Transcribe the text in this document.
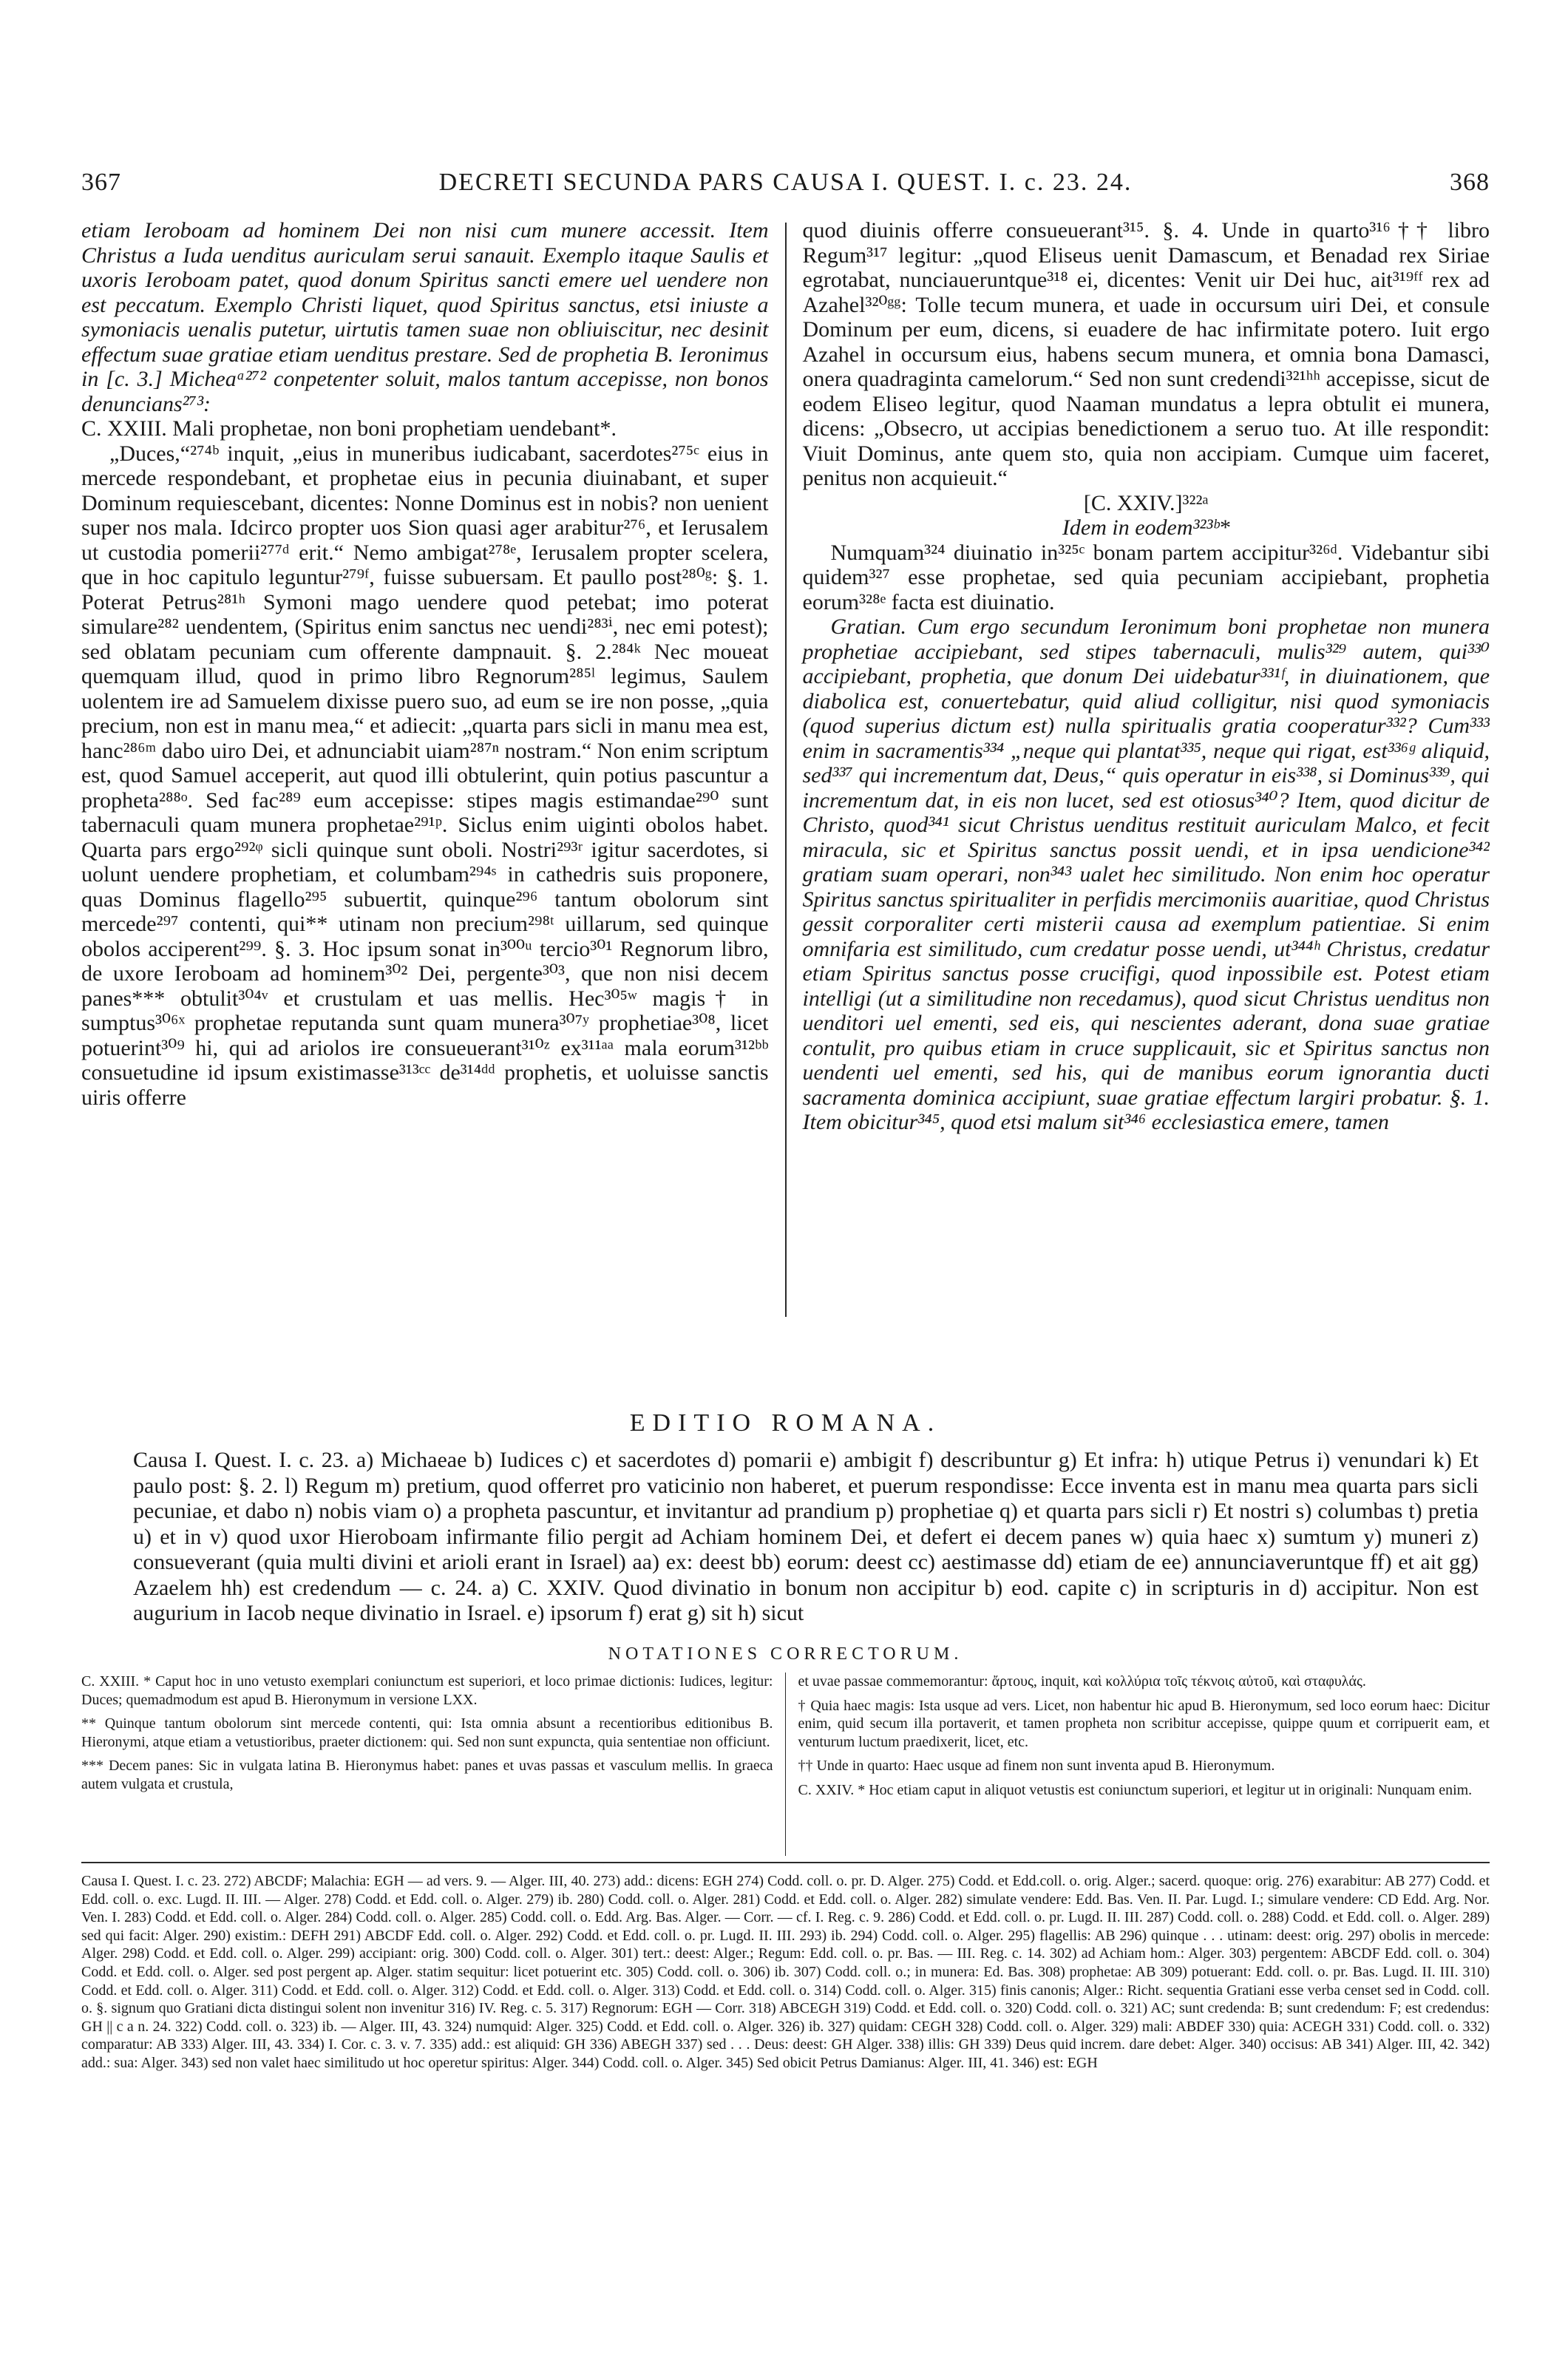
367	DECRETI SECUNDA PARS CAUSA I. QUEST. I. c. 23. 24.	368

etiam Ieroboam ad hominem Dei non nisi cum munere accessit. Item Christus a Iuda uenditus auriculam serui sanauit. Exemplo itaque Saulis et uxoris Ieroboam patet, quod donum Spiritus sancti emere uel uendere non est peccatum. Exemplo Christi liquet, quod Spiritus sanctus, etsi iniuste a symoniacis uenalis putetur, uirtutis tamen suae non obliuiscitur, nec desinit effectum suae gratiae etiam uenditus prestare. Sed de prophetia B. Ieronimus in [c. 3.] Micheaᵃ²⁷² conpetenter soluit, malos tantum accepisse, non bonos denuncians²⁷³:

C. XXIII. Mali prophetae, non boni prophetiam uendebant*.

„Duces,“²⁷⁴ᵇ inquit, „eius in muneribus iudicabant, sacerdotes²⁷⁵ᶜ eius in mercede respondebant, et prophetae eius in pecunia diuinabant, et super Dominum requiescebant, dicentes: Nonne Dominus est in nobis? non uenient super nos mala. Idcirco propter uos Sion quasi ager arabitur²⁷⁶, et Ierusalem ut custodia pomerii²⁷⁷ᵈ erit.“ Nemo ambigat²⁷⁸ᵉ, Ierusalem propter scelera, que in hoc capitulo leguntur²⁷⁹ᶠ, fuisse subuersam. Et paullo post²⁸⁰ᵍ: §. 1. Poterat Petrus²⁸¹ʰ Symoni mago uendere quod petebat; imo poterat simulare²⁸² uendentem, (Spiritus enim sanctus nec uendi²⁸³ⁱ, nec emi potest); sed oblatam pecuniam cum offerente dampnauit. §. 2.²⁸⁴ᵏ Nec moueat quemquam illud, quod in primo libro Regnorum²⁸⁵ˡ legimus, Saulem uolentem ire ad Samuelem dixisse puero suo, ad eum se ire non posse, „quia precium, non est in manu mea,“ et adiecit: „quarta pars sicli in manu mea est, hanc²⁸⁶ᵐ dabo uiro Dei, et adnunciabit uiam²⁸⁷ⁿ nostram.“ Non enim scriptum est, quod Samuel acceperit, aut quod illi obtulerint, quin potius pascuntur a propheta²⁸⁸ᵒ. Sed fac²⁸⁹ eum accepisse: stipes magis estimandae²⁹⁰ sunt tabernaculi quam munera prophetae²⁹¹ᵖ. Siclus enim uiginti obolos habet. Quarta pars ergo²⁹²ᵠ sicli quinque sunt oboli. Nostri²⁹³ʳ igitur sacerdotes, si uolunt uendere prophetiam, et columbam²⁹⁴ˢ in cathedris suis proponere, quas Dominus flagello²⁹⁵ subuertit, quinque²⁹⁶ tantum obolorum sint mercede²⁹⁷ contenti, qui** utinam non precium²⁹⁸ᵗ uillarum, sed quinque obolos acciperent²⁹⁹. §. 3. Hoc ipsum sonat in³⁰⁰ᵘ tercio³⁰¹ Regnorum libro, de uxore Ieroboam ad hominem³⁰² Dei, pergente³⁰³, que non nisi decem panes*** obtulit³⁰⁴ᵛ et crustulam et uas mellis. Hec³⁰⁵ʷ magis† in sumptus³⁰⁶ˣ prophetae reputanda sunt quam munera³⁰⁷ʸ prophetiae³⁰⁸, licet potuerint³⁰⁹ hi, qui ad ariolos ire consueuerant³¹⁰ᶻ ex³¹¹ᵃᵃ mala eorum³¹²ᵇᵇ consuetudine id ipsum existimasse³¹³ᶜᶜ de³¹⁴ᵈᵈ prophetis, et uoluisse sanctis uiris offerre

quod diuinis offerre consueuerant³¹⁵. §. 4. Unde in quarto³¹⁶†† libro Regum³¹⁷ legitur: „quod Eliseus uenit Damascum, et Benadad rex Siriae egrotabat, nunciaueruntque³¹⁸ ei, dicentes: Venit uir Dei huc, ait³¹⁹ᶠᶠ rex ad Azahel³²⁰ᵍᵍ: Tolle tecum munera, et uade in occursum uiri Dei, et consule Dominum per eum, dicens, si euadere de hac infirmitate potero. Iuit ergo Azahel in occursum eius, habens secum munera, et omnia bona Damasci, onera quadraginta camelorum.“ Sed non sunt credendi³²¹ʰʰ accepisse, sicut de eodem Eliseo legitur, quod Naaman mundatus a lepra obtulit ei munera, dicens: „Obsecro, ut accipias benedictionem a seruo tuo. At ille respondit: Viuit Dominus, ante quem sto, quia non accipiam. Cumque uim faceret, penitus non acquieuit.“

[C. XXIV.]³²²ᵃ

Idem in eodem³²³ᵇ*

Numquam³²⁴ diuinatio in³²⁵ᶜ bonam partem accipitur³²⁶ᵈ. Videbantur sibi quidem³²⁷ esse prophetae, sed quia pecuniam accipiebant, prophetia eorum³²⁸ᵉ facta est diuinatio.

Gratian. Cum ergo secundum Ieronimum boni prophetae non munera prophetiae accipiebant, sed stipes tabernaculi, mulis³²⁹ autem, qui³³⁰ accipiebant, prophetia, que donum Dei uidebatur³³¹ᶠ, in diuinationem, que diabolica est, conuertebatur, quid aliud colligitur, nisi quod symoniacis (quod superius dictum est) nulla spiritualis gratia cooperatur³³²? Cum³³³ enim in sacramentis³³⁴ „neque qui plantat³³⁵, neque qui rigat, est³³⁶ᵍ aliquid, sed³³⁷ qui incrementum dat, Deus,“ quis operatur in eis³³⁸, si Dominus³³⁹, qui incrementum dat, in eis non lucet, sed est otiosus³⁴⁰? Item, quod dicitur de Christo, quod³⁴¹ sicut Christus uenditus restituit auriculam Malco, et fecit miracula, sic et Spiritus sanctus possit uendi, et in ipsa uendicione³⁴² gratiam suam operari, non³⁴³ ualet hec similitudo. Non enim hoc operatur Spiritus sanctus spiritualiter in perfidis mercimoniis auaritiae, quod Christus gessit corporaliter certi misterii causa ad exemplum patientiae. Si enim omnifaria est similitudo, cum credatur posse uendi, ut³⁴⁴ʰ Christus, credatur etiam Spiritus sanctus posse crucifigi, quod inpossibile est. Potest etiam intelligi (ut a similitudine non recedamus), quod sicut Christus uenditus non uenditori uel ementi, sed eis, qui nescientes aderant, dona suae gratiae contulit, pro quibus etiam in cruce supplicauit, sic et Spiritus sanctus non uendenti uel ementi, sed his, qui de manibus eorum ignorantia ducti sacramenta dominica accipiunt, suae gratiae effectum largiri probatur. §. 1. Item obicitur³⁴⁵, quod etsi malum sit³⁴⁶ ecclesiastica emere, tamen

EDITIO ROMANA.
Causa I. Quest. I. c. 23. a) Michaeae b) Iudices c) et sacerdotes d) pomarii e) ambigit f) describuntur g) Et infra: h) utique Petrus i) venundari k) Et paulo post: §. 2. l) Regum m) pretium, quod offerret pro vaticinio non haberet, et puerum respondisse: Ecce inventa est in manu mea quarta pars sicli pecuniae, et dabo n) nobis viam o) a propheta pascuntur, et invitantur ad prandium p) prophetiae q) et quarta pars sicli r) Et nostri s) columbas t) pretia u) et in v) quod uxor Hieroboam infirmante filio pergit ad Achiam hominem Dei, et defert ei decem panes w) quia haec x) sumtum y) muneri z) consueverant (quia multi divini et arioli erant in Israel) aa) ex: deest bb) eorum: deest cc) aestimasse dd) etiam de ee) annunciaveruntque ff) et ait gg) Azaelem hh) est credendum — c. 24. a) C. XXIV. Quod divinatio in bonum non accipitur b) eod. capite c) in scripturis in d) accipitur. Non est augurium in Iacob neque divinatio in Israel. e) ipsorum f) erat g) sit h) sicut
NOTATIONES CORRECTORUM.

C. XXIII. * Caput hoc in uno vetusto exemplari coniunctum est superiori, et loco primae dictionis: Iudices, legitur: Duces; quemadmodum est apud B. Hieronymum in versione LXX.

** Quinque tantum obolorum sint mercede contenti, qui: Ista omnia absunt a recentioribus editionibus B. Hieronymi, atque etiam a vetustioribus, praeter dictionem: qui. Sed non sunt expuncta, quia sententiae non officiunt.

*** Decem panes: Sic in vulgata latina B. Hieronymus habet: panes et uvas passas et vasculum mellis. In graeca autem vulgata et crustula,

et uvae passae commemorantur: ἄρτους, inquit, καὶ κολλύρια τοῖς τέκνοις αὐτοῦ, καὶ σταφυλάς.

† Quia haec magis: Ista usque ad vers. Licet, non habentur hic apud B. Hieronymum, sed loco eorum haec: Dicitur enim, quid secum illa portaverit, et tamen propheta non scribitur accepisse, quippe quum et corripuerit eam, et venturum luctum praedixerit, licet, etc.

†† Unde in quarto: Haec usque ad finem non sunt inventa apud B. Hieronymum.

C. XXIV. * Hoc etiam caput in aliquot vetustis est coniunctum superiori, et legitur ut in originali: Nunquam enim.

Causa I. Quest. I. c. 23. 272) ABCDF; Malachia: EGH — ad vers. 9. — Alger. III, 40. 273) add.: dicens: EGH 274) Codd. coll. o. pr. D. Alger. 275) Codd. et Edd.coll. o. orig. Alger.; sacerd. quoque: orig. 276) exarabitur: AB 277) Codd. et Edd. coll. o. exc. Lugd. II. III. — Alger. 278) Codd. et Edd. coll. o. Alger. 279) ib. 280) Codd. coll. o. Alger. 281) Codd. et Edd. coll. o. Alger. 282) simulate vendere: Edd. Bas. Ven. II. Par. Lugd. I.; simulare vendere: CD Edd. Arg. Nor. Ven. I. 283) Codd. et Edd. coll. o. Alger. 284) Codd. coll. o. Alger. 285) Codd. coll. o. Edd. Arg. Bas. Alger. — Corr. — cf. I. Reg. c. 9. 286) Codd. et Edd. coll. o. pr. Lugd. II. III. 287) Codd. coll. o. 288) Codd. et Edd. coll. o. Alger. 289) sed qui facit: Alger. 290) existim.: DEFH 291) ABCDF Edd. coll. o. Alger. 292) Codd. et Edd. coll. o. pr. Lugd. II. III. 293) ib. 294) Codd. coll. o. Alger. 295) flagellis: AB 296) quinque . . . utinam: deest: orig. 297) obolis in mercede: Alger. 298) Codd. et Edd. coll. o. Alger. 299) accipiant: orig. 300) Codd. coll. o. Alger. 301) tert.: deest: Alger.; Regum: Edd. coll. o. pr. Bas. — III. Reg. c. 14. 302) ad Achiam hom.: Alger. 303) pergentem: ABCDF Edd. coll. o. 304) Codd. et Edd. coll. o. Alger. sed post pergent ap. Alger. statim sequitur: licet potuerint etc. 305) Codd. coll. o. 306) ib. 307) Codd. coll. o.; in munera: Ed. Bas. 308) prophetae: AB 309) potuerant: Edd. coll. o. pr. Bas. Lugd. II. III. 310) Codd. et Edd. coll. o. Alger. 311) Codd. et Edd. coll. o. Alger. 312) Codd. et Edd. coll. o. Alger. 313) Codd. et Edd. coll. o. 314) Codd. coll. o. Alger. 315) finis canonis; Alger.: Richt. sequentia Gratiani esse verba censet sed in Codd. coll. o. §. signum quo Gratiani dicta distingui solent non invenitur 316) IV. Reg. c. 5. 317) Regnorum: EGH — Corr. 318) ABCEGH 319) Codd. et Edd. coll. o. 320) Codd. coll. o. 321) AC; sunt credenda: B; sunt credendum: F; est credendus: GH || c a n. 24. 322) Codd. coll. o. 323) ib. — Alger. III, 43. 324) numquid: Alger. 325) Codd. et Edd. coll. o. Alger. 326) ib. 327) quidam: CEGH 328) Codd. coll. o. Alger. 329) mali: ABDEF 330) quia: ACEGH 331) Codd. coll. o. 332) comparatur: AB 333) Alger. III, 43. 334) I. Cor. c. 3. v. 7. 335) add.: est aliquid: GH 336) ABEGH 337) sed . . . Deus: deest: GH Alger. 338) illis: GH 339) Deus quid increm. dare debet: Alger. 340) occisus: AB 341) Alger. III, 42. 342) add.: sua: Alger. 343) sed non valet haec similitudo ut hoc operetur spiritus: Alger. 344) Codd. coll. o. Alger. 345) Sed obicit Petrus Damianus: Alger. III, 41. 346) est: EGH
